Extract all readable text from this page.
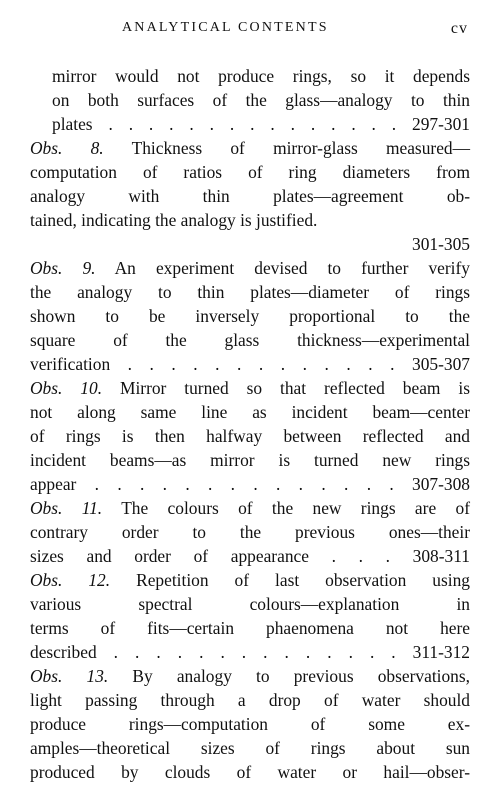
ANALYTICAL CONTENTS	cv
mirror would not produce rings, so it depends
on both surfaces of the glass—analogy to thin
plates . . . . . . . . . . . . . . . 297-301
Obs. 8. Thickness of mirror-glass measured—
computation of ratios of ring diameters from
analogy with thin plates—agreement ob-
tained, indicating the analogy is justified.
301-305
Obs. 9. An experiment devised to further verify
the analogy to thin plates—diameter of rings
shown to be inversely proportional to the
square of the glass thickness—experimental
verification . . . . . . . . . . . . . 305-307
Obs. 10. Mirror turned so that reflected beam is
not along same line as incident beam—center
of rings is then halfway between reflected and
incident beams—as mirror is turned new rings
appear . . . . . . . . . . . . . . 307-308
Obs. 11. The colours of the new rings are of
contrary order to the previous ones—their
sizes and order of appearance . . . 308-311
Obs. 12. Repetition of last observation using
various spectral colours—explanation in
terms of fits—certain phaenomena not here
described . . . . . . . . . . . . . . 311-312
Obs. 13. By analogy to previous observations,
light passing through a drop of water should
produce rings—computation of some ex-
amples—theoretical sizes of rings about sun
produced by clouds of water or hail—obser-
